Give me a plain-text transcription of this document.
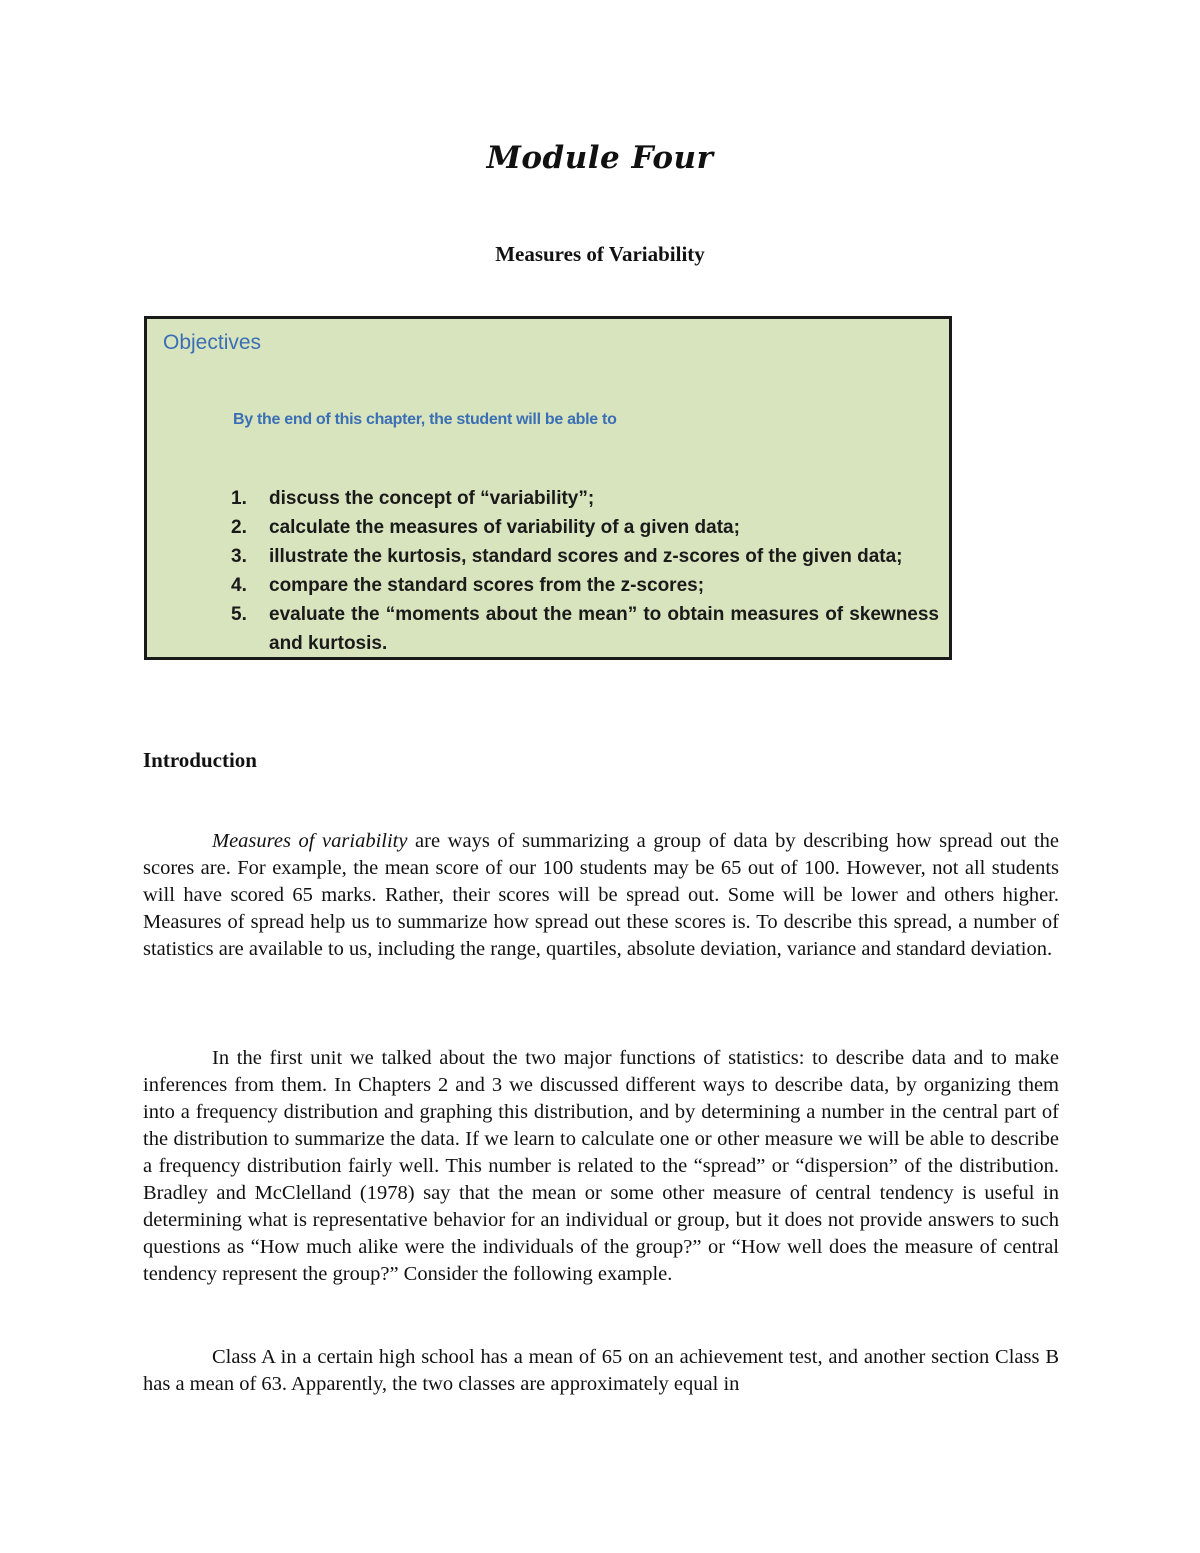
Module Four
Measures of Variability

Objectives

By the end of this chapter, the student will be able to

1. discuss the concept of “variability”;
2. calculate the measures of variability of a given data;
3. illustrate the kurtosis, standard scores and z-scores of the given data;
4. compare the standard scores from the z-scores;
5. evaluate the “moments about the mean” to obtain measures of skewness and kurtosis.
Introduction

Measures of variability are ways of summarizing a group of data by describing how spread out the scores are. For example, the mean score of our 100 students may be 65 out of 100. However, not all students will have scored 65 marks. Rather, their scores will be spread out. Some will be lower and others higher. Measures of spread help us to summarize how spread out these scores is. To describe this spread, a number of statistics are available to us, including the range, quartiles, absolute deviation, variance and standard deviation.

In the first unit we talked about the two major functions of statistics: to describe data and to make inferences from them. In Chapters 2 and 3 we discussed different ways to describe data, by organizing them into a frequency distribution and graphing this distribution, and by determining a number in the central part of the distribution to summarize the data. If we learn to calculate one or other measure we will be able to describe a frequency distribution fairly well. This number is related to the “spread” or “dispersion” of the distribution. Bradley and McClelland (1978) say that the mean or some other measure of central tendency is useful in determining what is representative behavior for an individual or group, but it does not provide answers to such questions as “How much alike were the individuals of the group?” or “How well does the measure of central tendency represent the group?” Consider the following example.

Class A in a certain high school has a mean of 65 on an achievement test, and another section Class B has a mean of 63. Apparently, the two classes are approximately equal in
